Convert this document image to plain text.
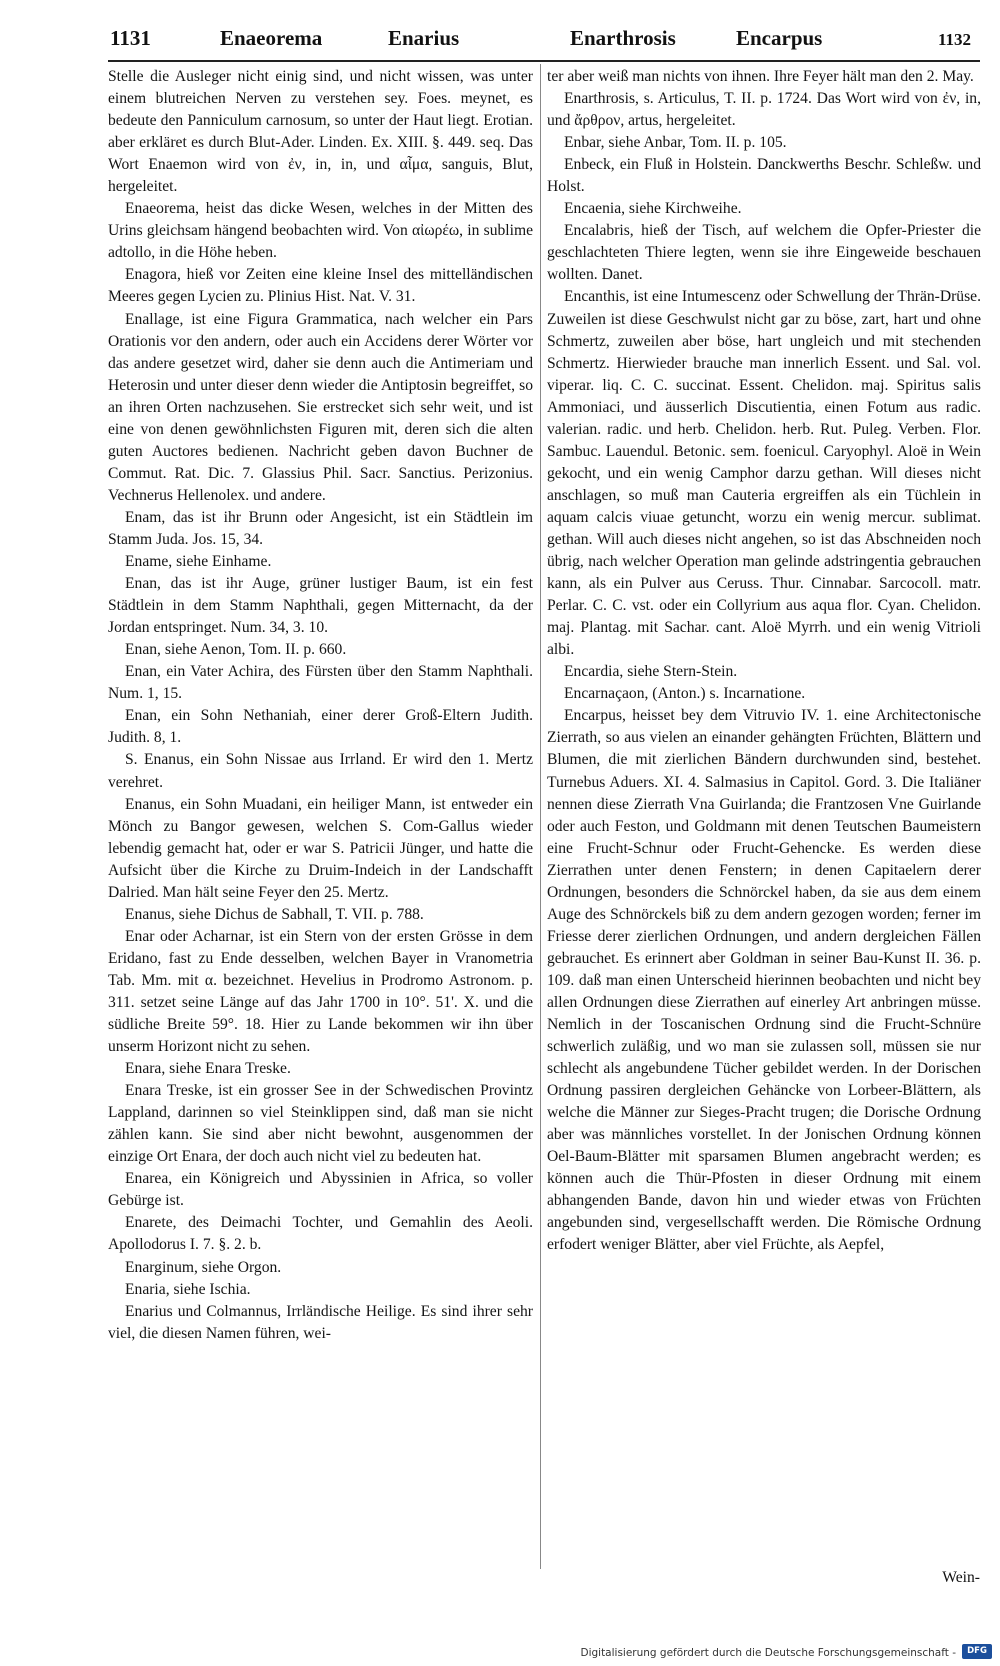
1131	Enaeorema	Enarius	Enarthrosis	Encarpus	1132

Stelle die Ausleger nicht einig sind, und nicht wissen, was unter einem blutreichen Nerven zu verstehen sey. Foes. meynet, es bedeute den Panniculum carnosum, so unter der Haut liegt. Erotian. aber erkläret es durch Blut-Ader. Linden. Ex. XIII. §. 449. seq. Das Wort Enaemon wird von ἐν, in, in, und αἷμα, sanguis, Blut, hergeleitet.

Enaeorema, heist das dicke Wesen, welches in der Mitten des Urins gleichsam hängend beobachten wird. Von αἰωρέω, in sublime adtollo, in die Höhe heben.

Enagora, hieß vor Zeiten eine kleine Insel des mittelländischen Meeres gegen Lycien zu. Plinius Hist. Nat. V. 31.

Enallage, ist eine Figura Grammatica, nach welcher ein Pars Orationis vor den andern, oder auch ein Accidens derer Wörter vor das andere gesetzet wird, daher sie denn auch die Antimeriam und Heterosin und unter dieser denn wieder die Antiptosin begreiffet, so an ihren Orten nachzusehen. Sie erstrecket sich sehr weit, und ist eine von denen gewöhnlichsten Figuren mit, deren sich die alten guten Auctores bedienen. Nachricht geben davon Buchner de Commut. Rat. Dic. 7. Glassius Phil. Sacr. Sanctius. Perizonius. Vechnerus Hellenolex. und andere.

Enam, das ist ihr Brunn oder Angesicht, ist ein Städtlein im Stamm Juda. Jos. 15, 34.

Ename, siehe Einhame.

Enan, das ist ihr Auge, grüner lustiger Baum, ist ein fest Städtlein in dem Stamm Naphthali, gegen Mitternacht, da der Jordan entspringet. Num. 34, 3. 10.

Enan, siehe Aenon, Tom. II. p. 660.

Enan, ein Vater Achira, des Fürsten über den Stamm Naphthali. Num. 1, 15.

Enan, ein Sohn Nethaniah, einer derer Groß-Eltern Judith. Judith. 8, 1.

S. Enanus, ein Sohn Nissae aus Irrland. Er wird den 1. Mertz verehret.

Enanus, ein Sohn Muadani, ein heiliger Mann, ist entweder ein Mönch zu Bangor gewesen, welchen S. Com-Gallus wieder lebendig gemacht hat, oder er war S. Patricii Jünger, und hatte die Aufsicht über die Kirche zu Druim-Indeich in der Landschafft Dalried. Man hält seine Feyer den 25. Mertz.

Enanus, siehe Dichus de Sabhall, T. VII. p. 788.

Enar oder Acharnar, ist ein Stern von der ersten Grösse in dem Eridano, fast zu Ende desselben, welchen Bayer in Vranometria Tab. Mm. mit α. bezeichnet. Hevelius in Prodromo Astronom. p. 311. setzet seine Länge auf das Jahr 1700 in 10°. 51'. X. und die südliche Breite 59°. 18. Hier zu Lande bekommen wir ihn über unserm Horizont nicht zu sehen.

Enara, siehe Enara Treske.

Enara Treske, ist ein grosser See in der Schwedischen Provintz Lappland, darinnen so viel Steinklippen sind, daß man sie nicht zählen kann. Sie sind aber nicht bewohnt, ausgenommen der einzige Ort Enara, der doch auch nicht viel zu bedeuten hat.

Enarea, ein Königreich und Abyssinien in Africa, so voller Gebürge ist.

Enarete, des Deimachi Tochter, und Gemahlin des Aeoli. Apollodorus I. 7. §. 2. b.

Enarginum, siehe Orgon.

Enaria, siehe Ischia.

Enarius und Colmannus, Irrländische Heilige. Es sind ihrer sehr viel, die diesen Namen führen, wei-

ter aber weiß man nichts von ihnen. Ihre Feyer hält man den 2. May.

Enarthrosis, s. Articulus, T. II. p. 1724. Das Wort wird von ἐν, in, und ἄρθρον, artus, hergeleitet.

Enbar, siehe Anbar, Tom. II. p. 105.

Enbeck, ein Fluß in Holstein. Danckwerths Beschr. Schleßw. und Holst.

Encaenia, siehe Kirchweihe.

Encalabris, hieß der Tisch, auf welchem die Opfer-Priester die geschlachteten Thiere legten, wenn sie ihre Eingeweide beschauen wollten. Danet.

Encanthis, ist eine Intumescenz oder Schwellung der Thrän-Drüse. Zuweilen ist diese Geschwulst nicht gar zu böse, zart, hart und ohne Schmertz, zuweilen aber böse, hart ungleich und mit stechenden Schmertz. Hierwieder brauche man innerlich Essent. und Sal. vol. viperar. liq. C. C. succinat. Essent. Chelidon. maj. Spiritus salis Ammoniaci, und äusserlich Discutientia, einen Fotum aus radic. valerian. radic. und herb. Chelidon. herb. Rut. Puleg. Verben. Flor. Sambuc. Lauendul. Betonic. sem. foenicul. Caryophyl. Aloë in Wein gekocht, und ein wenig Camphor darzu gethan. Will dieses nicht anschlagen, so muß man Cauteria ergreiffen als ein Tüchlein in aquam calcis viuae getuncht, worzu ein wenig mercur. sublimat. gethan. Will auch dieses nicht angehen, so ist das Abschneiden noch übrig, nach welcher Operation man gelinde adstringentia gebrauchen kann, als ein Pulver aus Ceruss. Thur. Cinnabar. Sarcocoll. matr. Perlar. C. C. vst. oder ein Collyrium aus aqua flor. Cyan. Chelidon. maj. Plantag. mit Sachar. cant. Aloë Myrrh. und ein wenig Vitrioli albi.

Encardia, siehe Stern-Stein.

Encarnaçaon, (Anton.) s. Incarnatione.

Encarpus, heisset bey dem Vitruvio IV. 1. eine Architectonische Zierrath, so aus vielen an einander gehängten Früchten, Blättern und Blumen, die mit zierlichen Bändern durchwunden sind, bestehet. Turnebus Aduers. XI. 4. Salmasius in Capitol. Gord. 3. Die Italiäner nennen diese Zierrath Vna Guirlanda; die Frantzosen Vne Guirlande oder auch Feston, und Goldmann mit denen Teutschen Baumeistern eine Frucht-Schnur oder Frucht-Gehencke. Es werden diese Zierrathen unter denen Fenstern; in denen Capitaelern derer Ordnungen, besonders die Schnörckel haben, da sie aus dem einem Auge des Schnörckels biß zu dem andern gezogen worden; ferner im Friesse derer zierlichen Ordnungen, und andern dergleichen Fällen gebrauchet. Es erinnert aber Goldman in seiner Bau-Kunst II. 36. p. 109. daß man einen Unterscheid hierinnen beobachten und nicht bey allen Ordnungen diese Zierrathen auf einerley Art anbringen müsse. Nemlich in der Toscanischen Ordnung sind die Frucht-Schnüre schwerlich zuläßig, und wo man sie zulassen soll, müssen sie nur schlecht als angebundene Tücher gebildet werden. In der Dorischen Ordnung passiren dergleichen Gehäncke von Lorbeer-Blättern, als welche die Männer zur Sieges-Pracht trugen; die Dorische Ordnung aber was männliches vorstellet. In der Jonischen Ordnung können Oel-Baum-Blätter mit sparsamen Blumen angebracht werden; es können auch die Thür-Pfosten in dieser Ordnung mit einem abhangenden Bande, davon hin und wieder etwas von Früchten angebunden sind, vergesellschafft werden. Die Römische Ordnung erfodert weniger Blätter, aber viel Früchte, als Aepfel,

Wein-
Digitalisierung gefördert durch die Deutsche Forschungsgemeinschaft -	DFG
